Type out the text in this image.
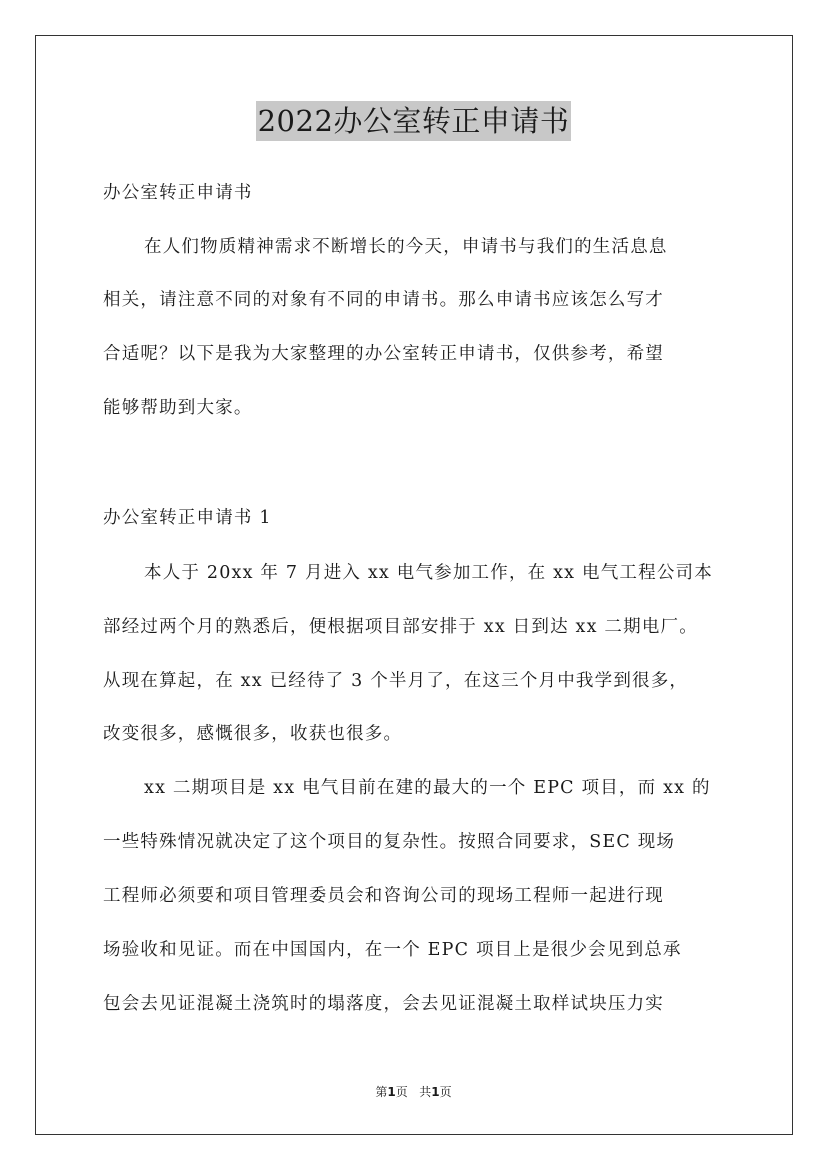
2022办公室转正申请书
办公室转正申请书
在人们物质精神需求不断增长的今天，申请书与我们的生活息息
相关，请注意不同的对象有不同的申请书。那么申请书应该怎么写才
合适呢？以下是我为大家整理的办公室转正申请书，仅供参考，希望
能够帮助到大家。
办公室转正申请书 1
本人于 20xx 年 7 月进入 xx 电气参加工作，在 xx 电气工程公司本
部经过两个月的熟悉后，便根据项目部安排于 xx 日到达 xx 二期电厂。
从现在算起，在 xx 已经待了 3 个半月了，在这三个月中我学到很多，
改变很多，感慨很多，收获也很多。
xx 二期项目是 xx 电气目前在建的最大的一个 EPC 项目，而 xx 的
一些特殊情况就决定了这个项目的复杂性。按照合同要求，SEC 现场
工程师必须要和项目管理委员会和咨询公司的现场工程师一起进行现
场验收和见证。而在中国国内，在一个 EPC 项目上是很少会见到总承
包会去见证混凝土浇筑时的塌落度，会去见证混凝土取样试块压力实
第1页 共1页
